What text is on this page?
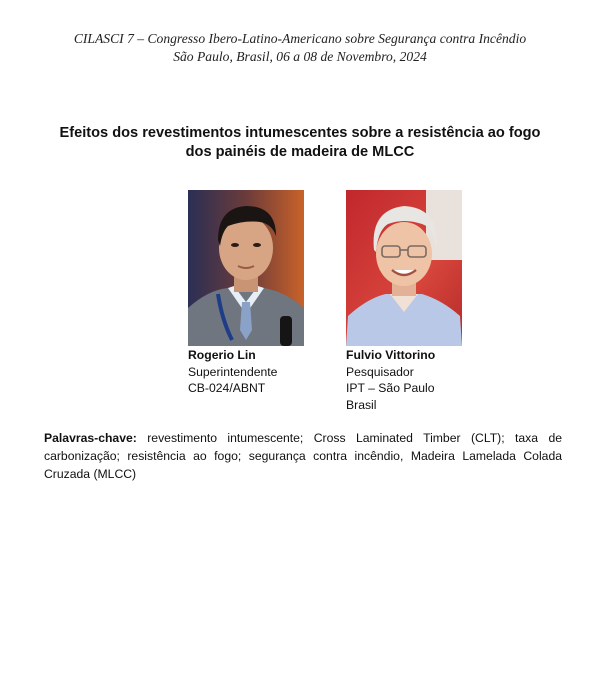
CILASCI 7 – Congresso Ibero-Latino-Americano sobre Segurança contra Incêndio
São Paulo, Brasil, 06 a 08 de Novembro, 2024
Efeitos dos revestimentos intumescentes sobre a resistência ao fogo
dos painéis de madeira de MLCC
Rogerio Lin
Superintendente
CB-024/ABNT
Fulvio Vittorino
Pesquisador
IPT – São Paulo
Brasil
Palavras-chave: revestimento intumescente; Cross Laminated Timber (CLT); taxa de carbonização; resistência ao fogo; segurança contra incêndio, Madeira Lamelada Colada Cruzada (MLCC)
